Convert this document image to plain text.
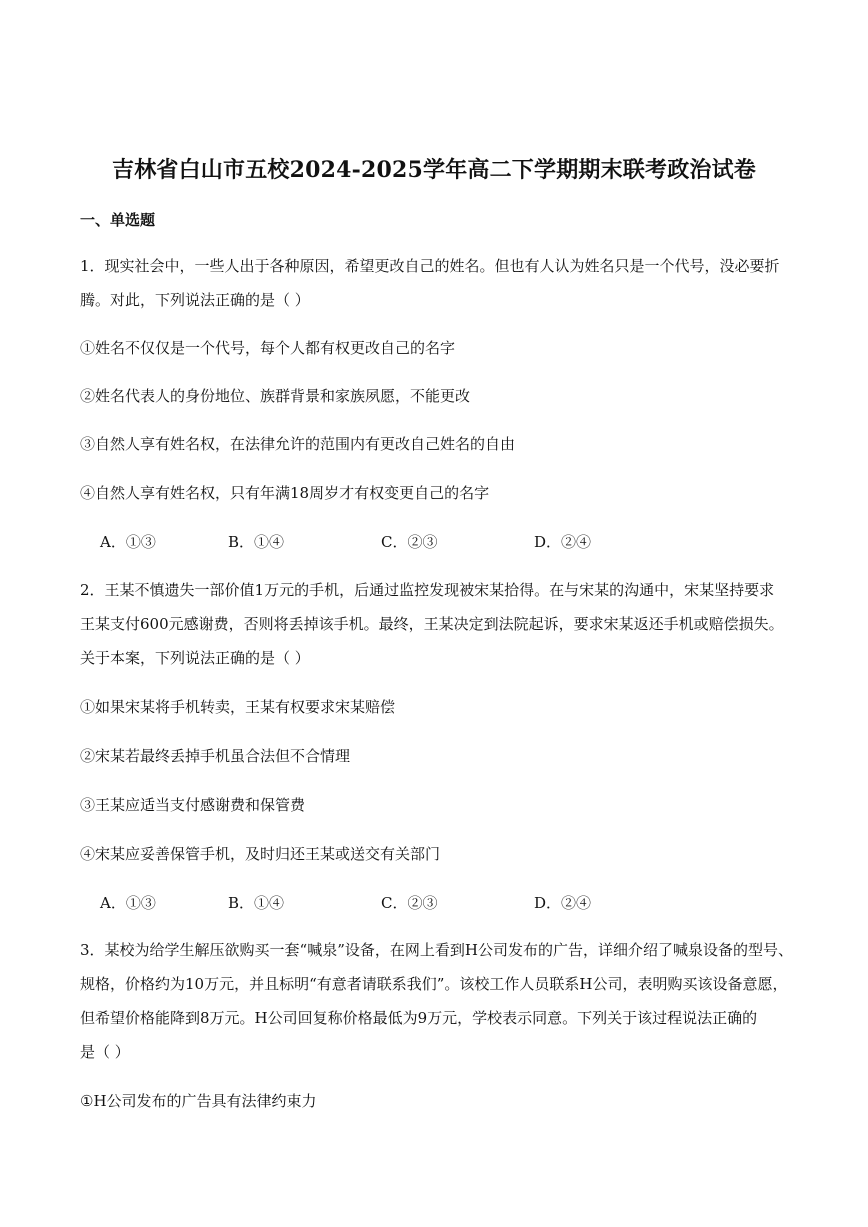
吉林省白山市五校2024-2025学年高二下学期期末联考政治试卷
一、单选题
1．现实社会中，一些人出于各种原因，希望更改自己的姓名。但也有人认为姓名只是一个代号，没必要折
腾。对此，下列说法正确的是（ ）
①姓名不仅仅是一个代号，每个人都有权更改自己的名字
②姓名代表人的身份地位、族群背景和家族夙愿，不能更改
③自然人享有姓名权，在法律允许的范围内有更改自己姓名的自由
④自然人享有姓名权，只有年满18周岁才有权变更自己的名字
A．①③	B．①④	C．②③	D．②④
2．王某不慎遗失一部价值1万元的手机，后通过监控发现被宋某拾得。在与宋某的沟通中，宋某坚持要求
王某支付600元感谢费，否则将丢掉该手机。最终，王某决定到法院起诉，要求宋某返还手机或赔偿损失。
关于本案，下列说法正确的是（ ）
①如果宋某将手机转卖，王某有权要求宋某赔偿
②宋某若最终丢掉手机虽合法但不合情理
③王某应适当支付感谢费和保管费
④宋某应妥善保管手机，及时归还王某或送交有关部门
A．①③	B．①④	C．②③	D．②④
3．某校为给学生解压欲购买一套“喊泉”设备，在网上看到H公司发布的广告，详细介绍了喊泉设备的型号、
规格，价格约为10万元，并且标明“有意者请联系我们”。该校工作人员联系H公司，表明购买该设备意愿，
但希望价格能降到8万元。H公司回复称价格最低为9万元，学校表示同意。下列关于该过程说法正确的
是（ ）
①H公司发布的广告具有法律约束力
